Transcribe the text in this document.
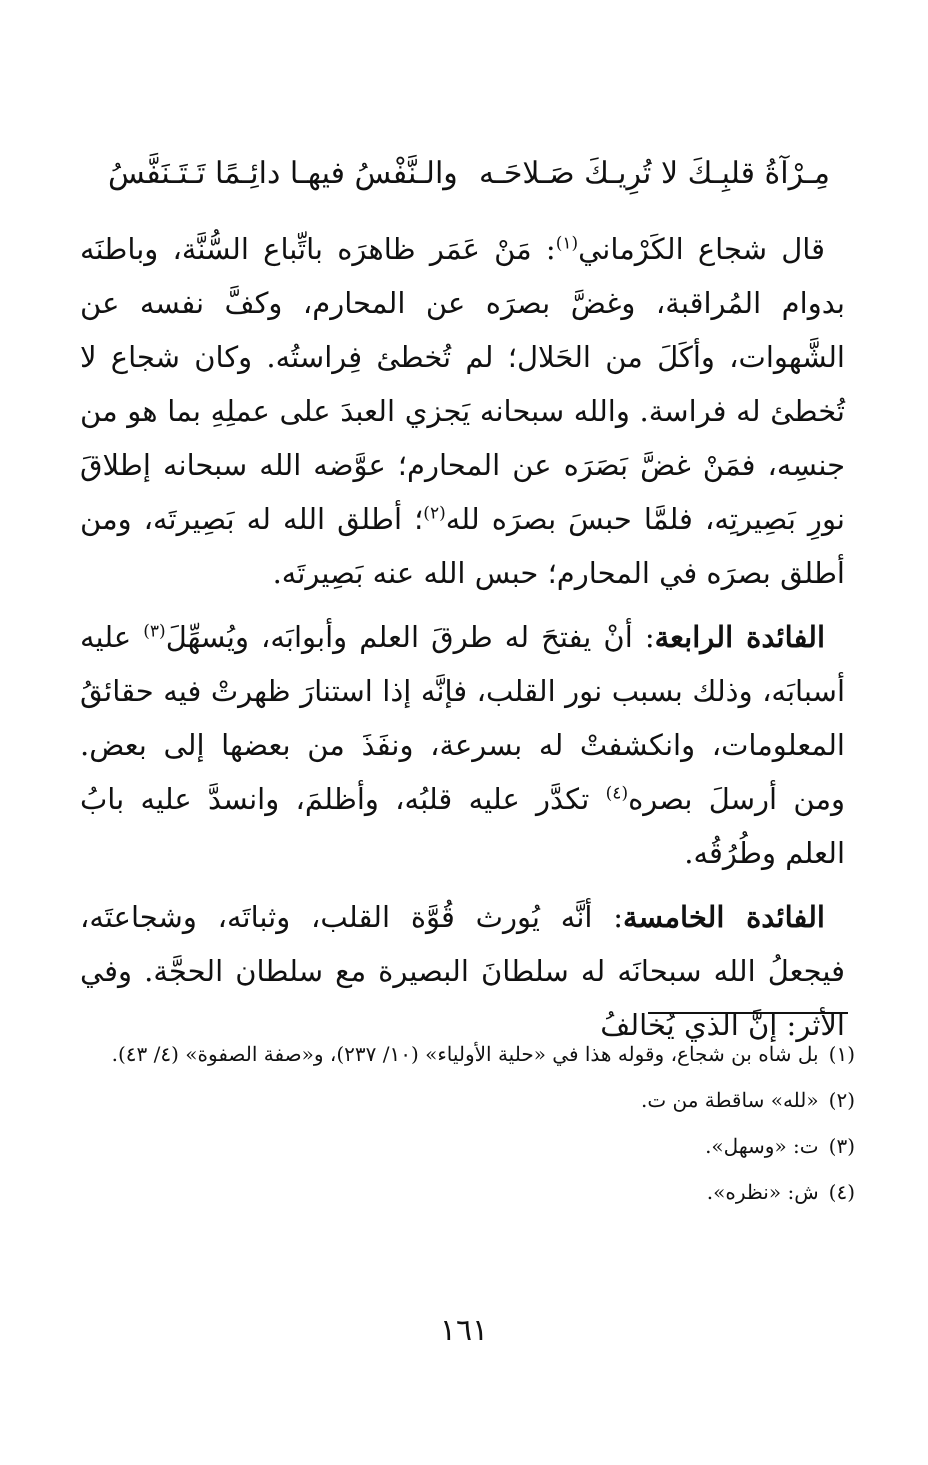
مِـرْآةُ قلبِـكَ لا تُرِيـكَ صَـلاحَـه
والـنَّفْسُ فيهـا دائِـمًا تَـتَـنَفَّسُ

قال شجاع الكَرْماني$^{(١)}$: مَنْ عَمَر ظاهرَه باتِّباع السُّنَّة، وباطنَه بدوام المُراقبة، وغضَّ بصرَه عن المحارم، وكفَّ نفسه عن الشَّهوات، وأكَلَ من الحَلال؛ لم تُخطئ فِراستُه. وكان شجاع لا تُخطئ له فراسة. والله سبحانه يَجزي العبدَ على عملِهِ بما هو من جنسِه، فمَنْ غضَّ بَصَرَه عن المحارم؛ عوَّضه الله سبحانه إطلاقَ نورِ بَصِيرتِه، فلمَّا حبسَ بصرَه لله$^{(٢)}$؛ أطلق الله له بَصِيرتَه، ومن أطلق بصرَه في المحارم؛ حبس الله عنه بَصِيرتَه.

الفائدة الرابعة: أنْ يفتحَ له طرقَ العلم وأبوابَه، ويُسهِّلَ$^{(٣)}$ عليه أسبابَه، وذلك بسبب نور القلب، فإنَّه إذا استنارَ ظهرتْ فيه حقائقُ المعلومات، وانكشفتْ له بسرعة، ونفَذَ من بعضها إلى بعض. ومن أرسلَ بصره$^{(٤)}$ تكدَّر عليه قلبُه، وأظلمَ، وانسدَّ عليه بابُ العلم وطُرُقُه.

الفائدة الخامسة: أنَّه يُورث قُوَّة القلب، وثباتَه، وشجاعتَه، فيجعلُ الله سبحانَه له سلطانَ البصيرة مع سلطان الحجَّة. وفي الأثر: إنَّ الذي يُخالفُ

(١)
بل شاه بن شجاع، وقوله هذا في «حلية الأولياء» (١٠/ ٢٣٧)، و«صفة الصفوة» (٤/ ٤٣).
(٢)
«لله» ساقطة من ت.
(٣)
ت: «وسهل».
(٤)
ش: «نظره».
١٦١
